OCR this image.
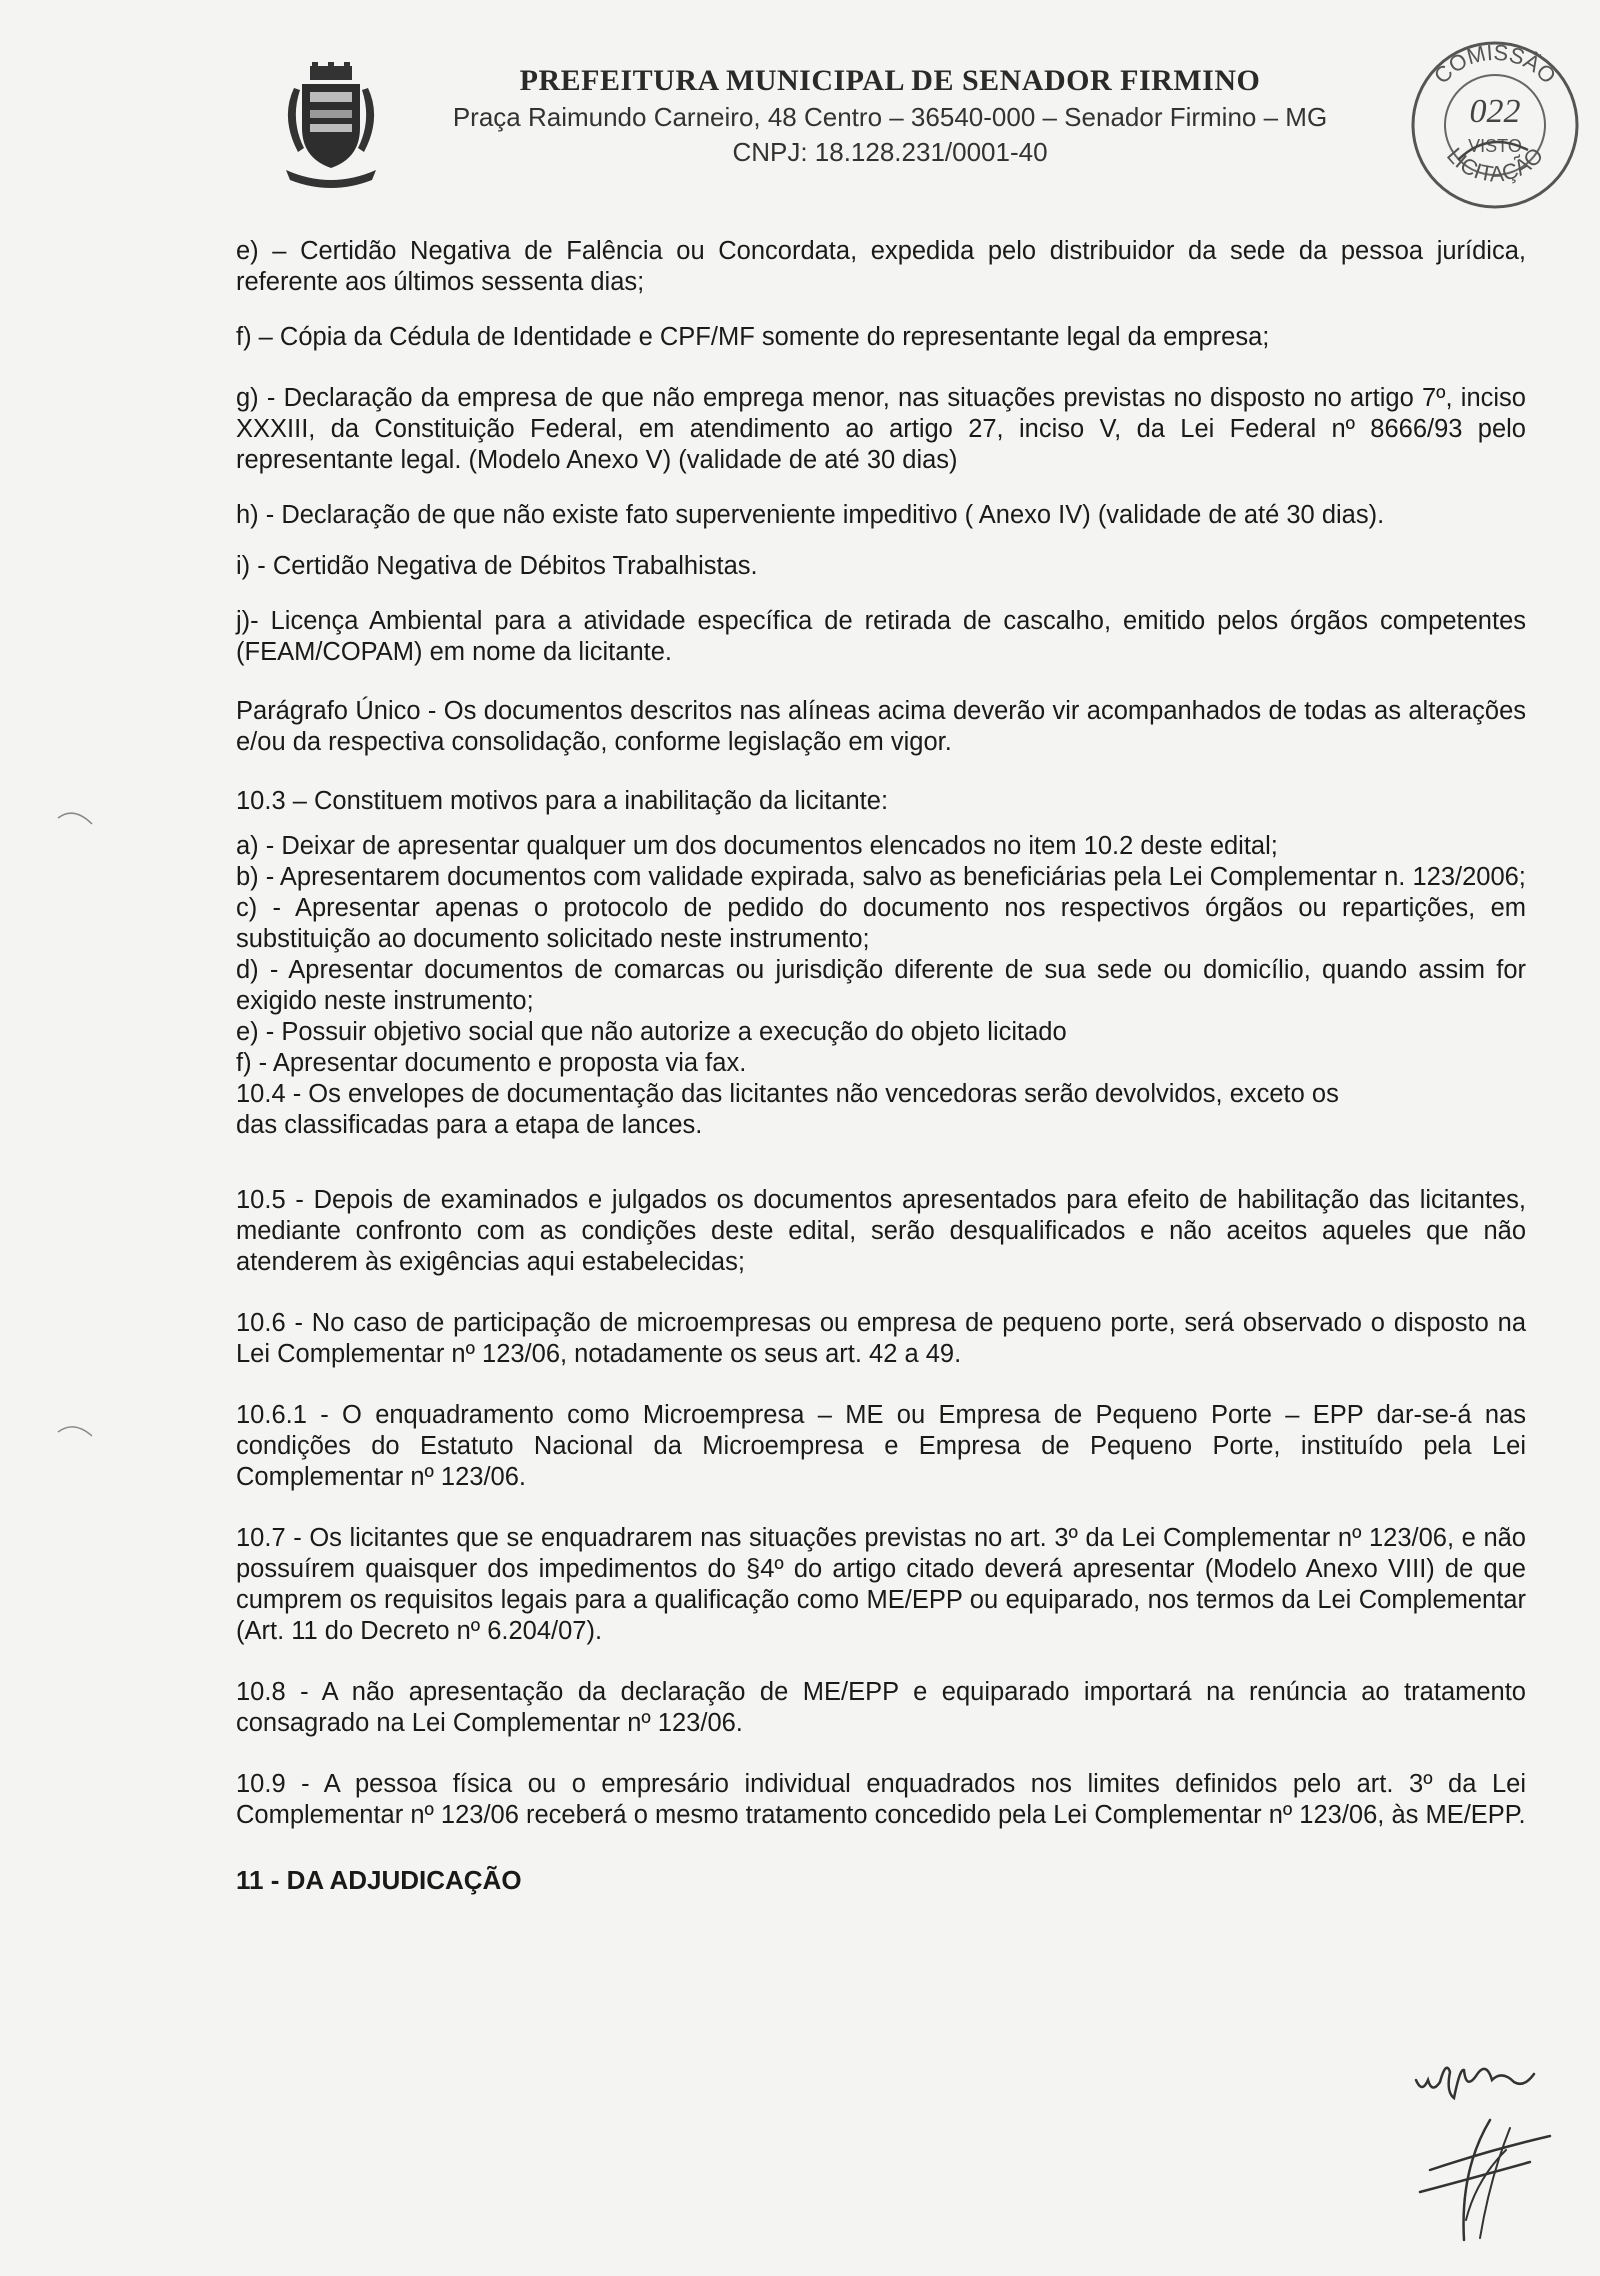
PREFEITURA MUNICIPAL DE SENADOR FIRMINO
Praça Raimundo Carneiro, 48 Centro – 36540-000 – Senador Firmino – MG
CNPJ: 18.128.231/0001-40
COMISSÃO
LICITAÇÃO
022
VISTO

e) – Certidão Negativa de Falência ou Concordata, expedida pelo distribuidor da sede da pessoa jurídica, referente aos últimos sessenta dias;

f) – Cópia da Cédula de Identidade e CPF/MF somente do representante legal da empresa;

g) - Declaração da empresa de que não emprega menor, nas situações previstas no disposto no artigo 7º, inciso XXXIII, da Constituição Federal, em atendimento ao artigo 27, inciso V, da Lei Federal nº 8666/93 pelo representante legal. (Modelo Anexo V) (validade de até 30 dias)

h) - Declaração de que não existe fato superveniente impeditivo ( Anexo IV) (validade de até 30 dias).

i) - Certidão Negativa de Débitos Trabalhistas.

j)- Licença Ambiental para a atividade específica de retirada de cascalho, emitido pelos órgãos competentes (FEAM/COPAM) em nome da licitante.

Parágrafo Único - Os documentos descritos nas alíneas acima deverão vir acompanhados de todas as alterações e/ou da respectiva consolidação, conforme legislação em vigor.

10.3 – Constituem motivos para a inabilitação da licitante:

a) - Deixar de apresentar qualquer um dos documentos elencados no item 10.2 deste edital;

b) - Apresentarem documentos com validade expirada, salvo as beneficiárias pela Lei Complementar n. 123/2006;

c) - Apresentar apenas o protocolo de pedido do documento nos respectivos órgãos ou repartições, em substituição ao documento solicitado neste instrumento;

d) - Apresentar documentos de comarcas ou jurisdição diferente de sua sede ou domicílio, quando assim for exigido neste instrumento;

e) - Possuir objetivo social que não autorize a execução do objeto licitado

f) - Apresentar documento e proposta via fax.

10.4 - Os envelopes de documentação das licitantes não vencedoras serão devolvidos, exceto os das classificadas para a etapa de lances.

10.5 - Depois de examinados e julgados os documentos apresentados para efeito de habilitação das licitantes, mediante confronto com as condições deste edital, serão desqualificados e não aceitos aqueles que não atenderem às exigências aqui estabelecidas;

10.6 - No caso de participação de microempresas ou empresa de pequeno porte, será observado o disposto na Lei Complementar nº 123/06, notadamente os seus art. 42 a 49.

10.6.1 - O enquadramento como Microempresa – ME ou Empresa de Pequeno Porte – EPP dar-se-á nas condições do Estatuto Nacional da Microempresa e Empresa de Pequeno Porte, instituído pela Lei Complementar nº 123/06.

10.7 - Os licitantes que se enquadrarem nas situações previstas no art. 3º da Lei Complementar nº 123/06, e não possuírem quaisquer dos impedimentos do §4º do artigo citado deverá apresentar (Modelo Anexo VIII) de que cumprem os requisitos legais para a qualificação como ME/EPP ou equiparado, nos termos da Lei Complementar (Art. 11 do Decreto nº 6.204/07).

10.8 - A não apresentação da declaração de ME/EPP e equiparado importará na renúncia ao tratamento consagrado na Lei Complementar nº 123/06.

10.9 - A pessoa física ou o empresário individual enquadrados nos limites definidos pelo art. 3º da Lei Complementar nº 123/06 receberá o mesmo tratamento concedido pela Lei Complementar nº 123/06, às ME/EPP.

11 - DA ADJUDICAÇÃO
